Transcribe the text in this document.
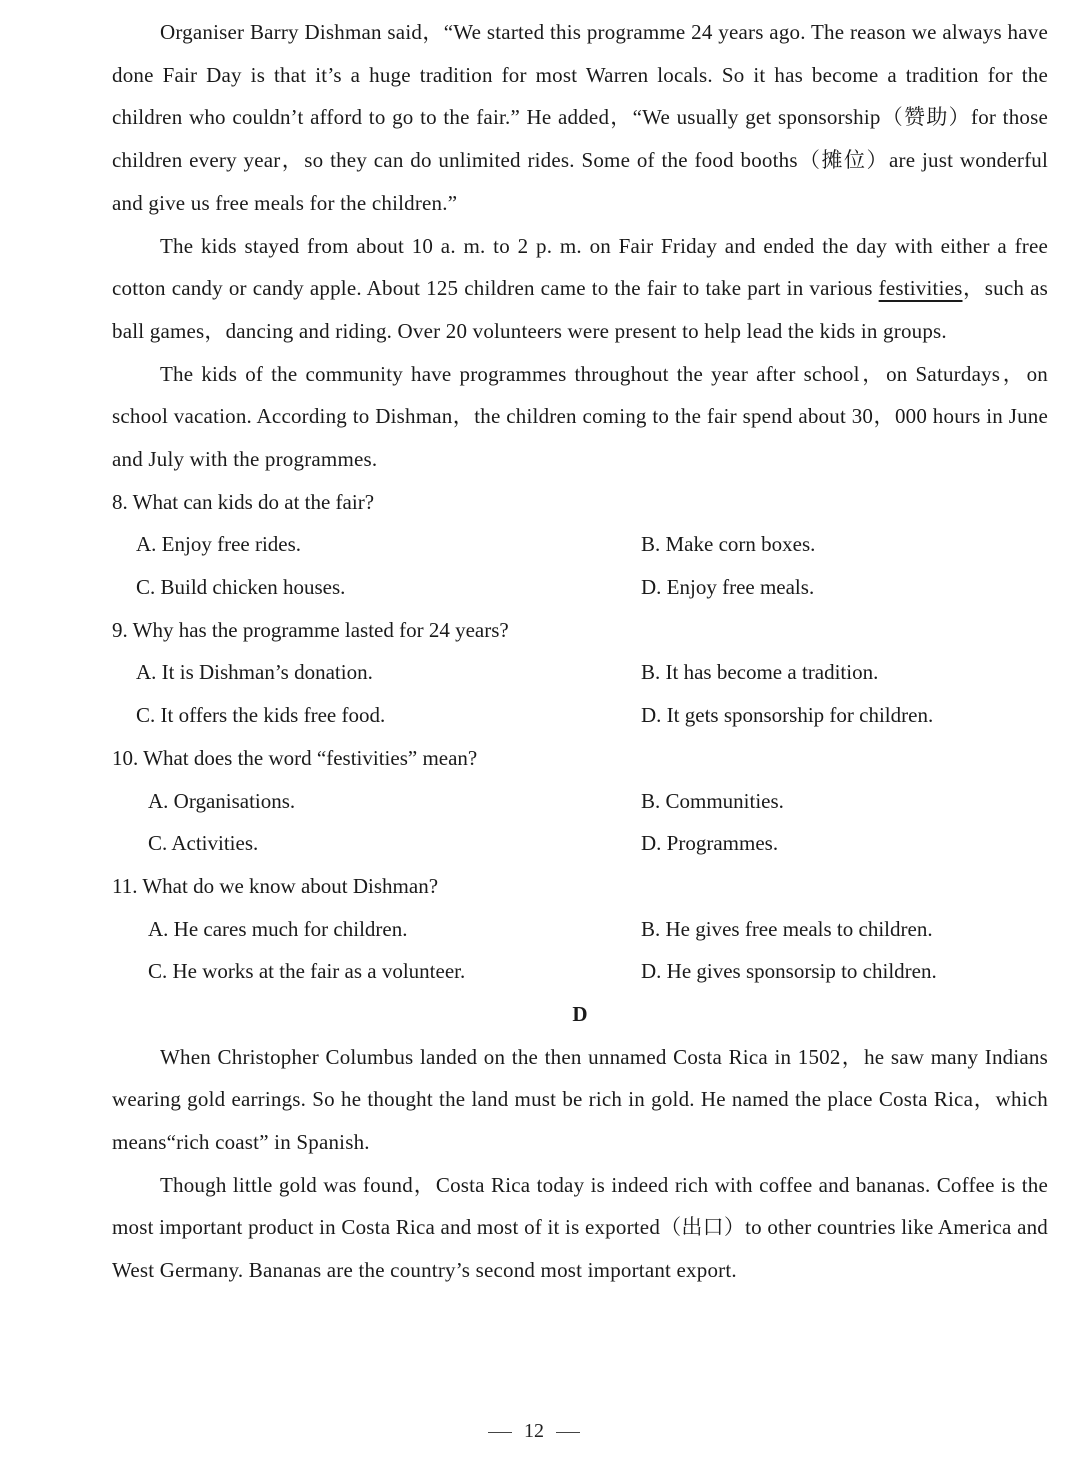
Organiser Barry Dishman said，“We started this programme 24 years ago. The reason we always have done Fair Day is that it’s a huge tradition for most Warren locals. So it has become a tradition for the children who couldn’t afford to go to the fair.” He added，“We usually get sponsorship（赞助）for those children every year，so they can do unlimited rides. Some of the food booths（摊位）are just wonderful and give us free meals for the children.”

The kids stayed from about 10 a. m. to 2 p. m. on Fair Friday and ended the day with either a free cotton candy or candy apple. About 125 children came to the fair to take part in various festivities，such as ball games，dancing and riding. Over 20 volunteers were present to help lead the kids in groups.

The kids of the community have programmes throughout the year after school，on Saturdays，on school vacation. According to Dishman，the children coming to the fair spend about 30，000 hours in June and July with the programmes.

8. What can kids do at the fair?
A. Enjoy free rides.	B. Make corn boxes.
C. Build chicken houses.	D. Enjoy free meals.
9. Why has the programme lasted for 24 years?
A. It is Dishman’s donation.	B. It has become a tradition.
C. It offers the kids free food.	D. It gets sponsorship for children.
10. What does the word “festivities” mean?
A. Organisations.	B. Communities.
C. Activities.	D. Programmes.
11. What do we know about Dishman?
A. He cares much for children.	B. He gives free meals to children.
C. He works at the fair as a volunteer.	D. He gives sponsorsip to children.
D

When Christopher Columbus landed on the then unnamed Costa Rica in 1502，he saw many Indians wearing gold earrings. So he thought the land must be rich in gold. He named the place Costa Rica，which means“rich coast” in Spanish.

Though little gold was found，Costa Rica today is indeed rich with coffee and bananas. Coffee is the most important product in Costa Rica and most of it is exported（出口）to other countries like America and West Germany. Bananas are the country’s second most important export.

12
